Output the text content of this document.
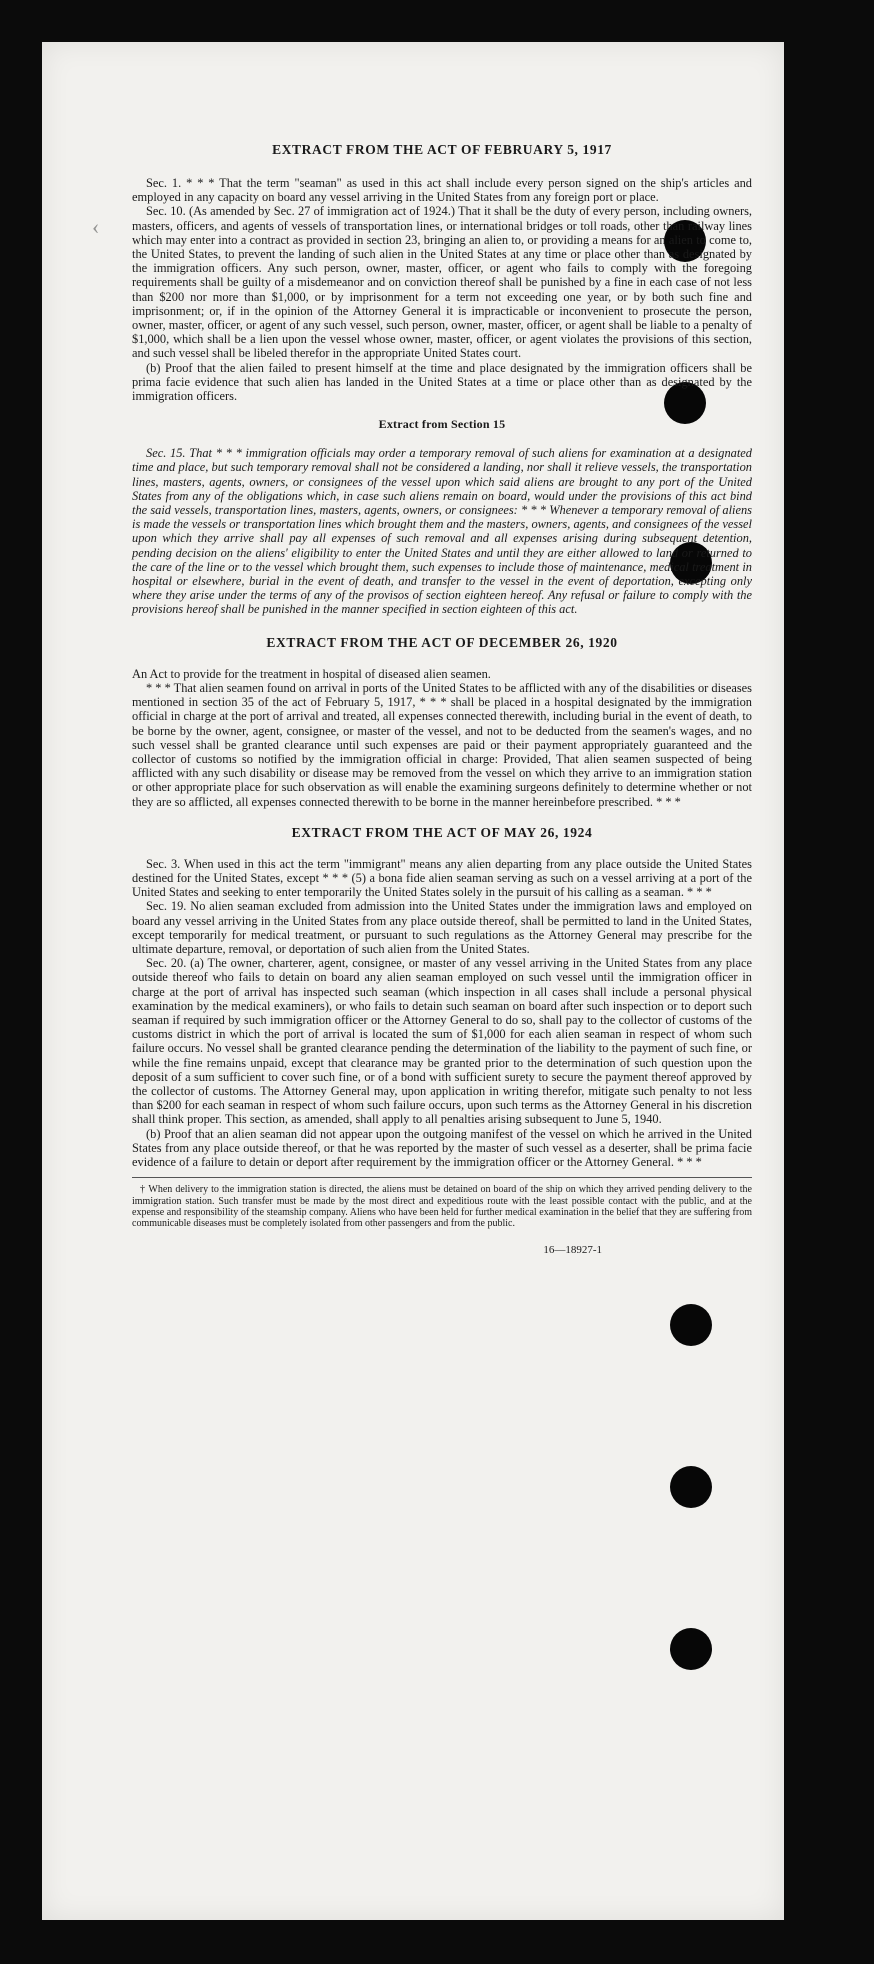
‹
EXTRACT FROM THE ACT OF FEBRUARY 5, 1917

Sec. 1. * * * That the term "seaman" as used in this act shall include every person signed on the ship's articles and employed in any capacity on board any vessel arriving in the United States from any foreign port or place.

Sec. 10. (As amended by Sec. 27 of immigration act of 1924.) That it shall be the duty of every person, including owners, masters, officers, and agents of vessels of transportation lines, or international bridges or toll roads, other than railway lines which may enter into a contract as provided in section 23, bringing an alien to, or providing a means for an alien to come to, the United States, to prevent the landing of such alien in the United States at any time or place other than as designated by the immigration officers. Any such person, owner, master, officer, or agent who fails to comply with the foregoing requirements shall be guilty of a misdemeanor and on conviction thereof shall be punished by a fine in each case of not less than $200 nor more than $1,000, or by imprisonment for a term not exceeding one year, or by both such fine and imprisonment; or, if in the opinion of the Attorney General it is impracticable or inconvenient to prosecute the person, owner, master, officer, or agent of any such vessel, such person, owner, master, officer, or agent shall be liable to a penalty of $1,000, which shall be a lien upon the vessel whose owner, master, officer, or agent violates the provisions of this section, and such vessel shall be libeled therefor in the appropriate United States court.

(b) Proof that the alien failed to present himself at the time and place designated by the immigration officers shall be prima facie evidence that such alien has landed in the United States at a time or place other than as designated by the immigration officers.

Extract from Section 15

Sec. 15. That * * * immigration officials may order a temporary removal of such aliens for examination at a designated time and place, but such temporary removal shall not be considered a landing, nor shall it relieve vessels, the transportation lines, masters, agents, owners, or consignees of the vessel upon which said aliens are brought to any port of the United States from any of the obligations which, in case such aliens remain on board, would under the provisions of this act bind the said vessels, transportation lines, masters, agents, owners, or consignees: * * * Whenever a temporary removal of aliens is made the vessels or transportation lines which brought them and the masters, owners, agents, and consignees of the vessel upon which they arrive shall pay all expenses of such removal and all expenses arising during subsequent detention, pending decision on the aliens' eligibility to enter the United States and until they are either allowed to land or returned to the care of the line or to the vessel which brought them, such expenses to include those of maintenance, medical treatment in hospital or elsewhere, burial in the event of death, and transfer to the vessel in the event of deportation, excepting only where they arise under the terms of any of the provisos of section eighteen hereof. Any refusal or failure to comply with the provisions hereof shall be punished in the manner specified in section eighteen of this act.

EXTRACT FROM THE ACT OF DECEMBER 26, 1920

An Act to provide for the treatment in hospital of diseased alien seamen.

* * * That alien seamen found on arrival in ports of the United States to be afflicted with any of the disabilities or diseases mentioned in section 35 of the act of February 5, 1917, * * * shall be placed in a hospital designated by the immigration official in charge at the port of arrival and treated, all expenses connected therewith, including burial in the event of death, to be borne by the owner, agent, consignee, or master of the vessel, and not to be deducted from the seamen's wages, and no such vessel shall be granted clearance until such expenses are paid or their payment appropriately guaranteed and the collector of customs so notified by the immigration official in charge: Provided, That alien seamen suspected of being afflicted with any such disability or disease may be removed from the vessel on which they arrive to an immigration station or other appropriate place for such observation as will enable the examining surgeons definitely to determine whether or not they are so afflicted, all expenses connected therewith to be borne in the manner hereinbefore prescribed. * * *

EXTRACT FROM THE ACT OF MAY 26, 1924

Sec. 3. When used in this act the term "immigrant" means any alien departing from any place outside the United States destined for the United States, except * * * (5) a bona fide alien seaman serving as such on a vessel arriving at a port of the United States and seeking to enter temporarily the United States solely in the pursuit of his calling as a seaman. * * *

Sec. 19. No alien seaman excluded from admission into the United States under the immigration laws and employed on board any vessel arriving in the United States from any place outside thereof, shall be permitted to land in the United States, except temporarily for medical treatment, or pursuant to such regulations as the Attorney General may prescribe for the ultimate departure, removal, or deportation of such alien from the United States.

Sec. 20. (a) The owner, charterer, agent, consignee, or master of any vessel arriving in the United States from any place outside thereof who fails to detain on board any alien seaman employed on such vessel until the immigration officer in charge at the port of arrival has inspected such seaman (which inspection in all cases shall include a personal physical examination by the medical examiners), or who fails to detain such seaman on board after such inspection or to deport such seaman if required by such immigration officer or the Attorney General to do so, shall pay to the collector of customs of the customs district in which the port of arrival is located the sum of $1,000 for each alien seaman in respect of whom such failure occurs. No vessel shall be granted clearance pending the determination of the liability to the payment of such fine, or while the fine remains unpaid, except that clearance may be granted prior to the determination of such question upon the deposit of a sum sufficient to cover such fine, or of a bond with sufficient surety to secure the payment thereof approved by the collector of customs. The Attorney General may, upon application in writing therefor, mitigate such penalty to not less than $200 for each seaman in respect of whom such failure occurs, upon such terms as the Attorney General in his discretion shall think proper. This section, as amended, shall apply to all penalties arising subsequent to June 5, 1940.

(b) Proof that an alien seaman did not appear upon the outgoing manifest of the vessel on which he arrived in the United States from any place outside thereof, or that he was reported by the master of such vessel as a deserter, shall be prima facie evidence of a failure to detain or deport after requirement by the immigration officer or the Attorney General. * * *

† When delivery to the immigration station is directed, the aliens must be detained on board of the ship on which they arrived pending delivery to the immigration station. Such transfer must be made by the most direct and expeditious route with the least possible contact with the public, and at the expense and responsibility of the steamship company. Aliens who have been held for further medical examination in the belief that they are suffering from communicable diseases must be completely isolated from other passengers and from the public.

16—18927-1
